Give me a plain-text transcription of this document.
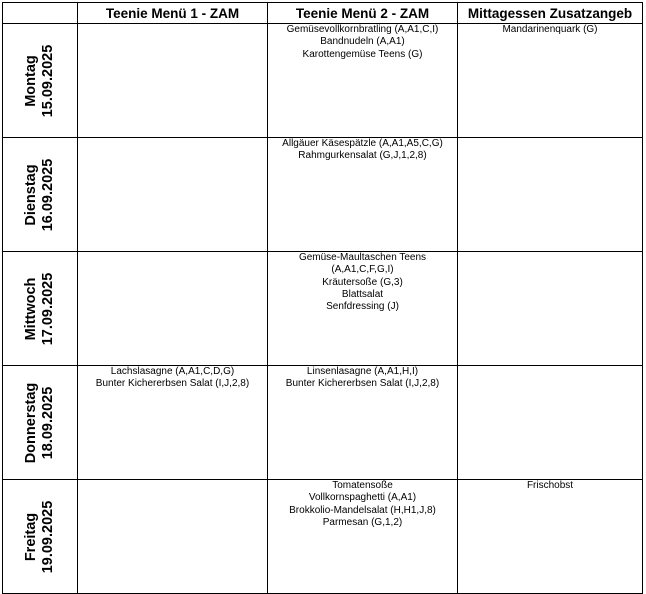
	Teenie Menü 1 - ZAM	Teenie Menü 2 - ZAM	Mittagessen Zusatzangeb

Montag 15.09.2025		Gemüsevollkornbratling (A,A1,C,I)
Bandnudeln (A,A1)
Karottengemüse Teens (G)	Mandarinenquark (G)

Dienstag 16.09.2025		Allgäuer Käsespätzle (A,A1,A5,C,G)
Rahmgurkensalat (G,J,1,2,8)	

Mittwoch 17.09.2025		Gemüse-Maultaschen Teens
(A,A1,C,F,G,I)
Kräutersoße (G,3)
Blattsalat
Senfdressing (J)	

Donnerstag 18.09.2025	Lachslasagne (A,A1,C,D,G)
Bunter Kichererbsen Salat (I,J,2,8)	Linsenlasagne (A,A1,H,I)
Bunter Kichererbsen Salat (I,J,2,8)	

Freitag 19.09.2025		Tomatensoße
Vollkornspaghetti (A,A1)
Brokkolio-Mandelsalat (H,H1,J,8)
Parmesan (G,1,2)	Frischobst
